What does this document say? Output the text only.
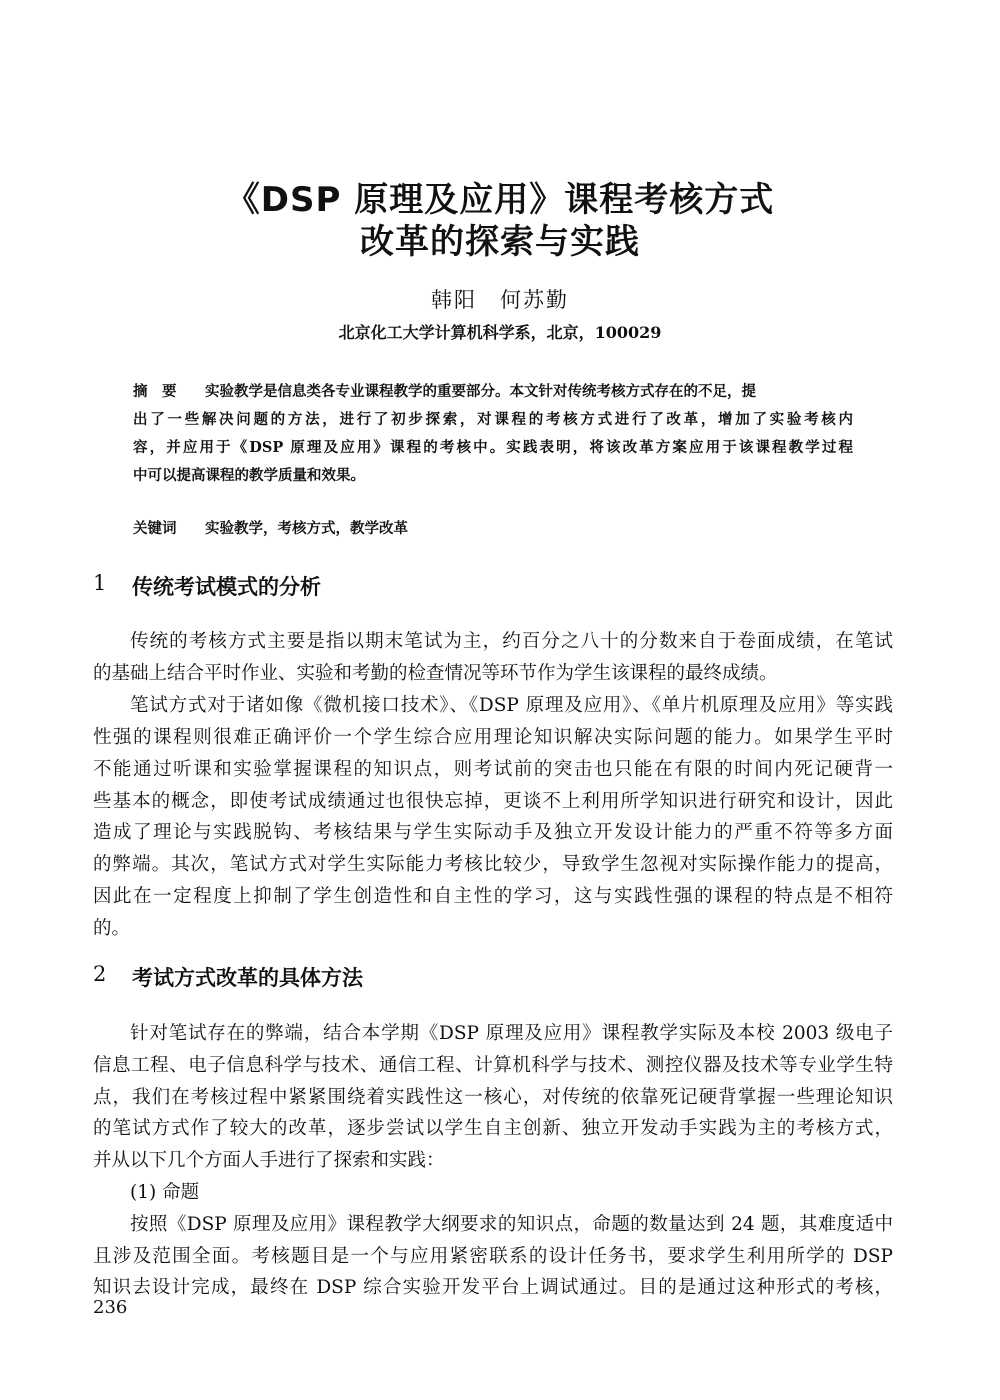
《DSP 原理及应用》课程考核方式
改革的探索与实践
韩阳　何苏勤
北京化工大学计算机科学系，北京，100029
摘　要 实验教学是信息类各专业课程教学的重要部分。本文针对传统考核方式存在的不足，提
出了一些解决问题的方法，进行了初步探索，对课程的考核方式进行了改革，增加了实验考核内
容，并应用于《DSP 原理及应用》课程的考核中。实践表明，将该改革方案应用于该课程教学过程
中可以提高课程的教学质量和效果。
关键词 实验教学，考核方式，教学改革
1 传统考试模式的分析
传统的考核方式主要是指以期末笔试为主，约百分之八十的分数来自于卷面成绩，在笔试
的基础上结合平时作业、实验和考勤的检查情况等环节作为学生该课程的最终成绩。
笔试方式对于诸如像《微机接口技术》、《DSP 原理及应用》、《单片机原理及应用》等实践
性强的课程则很难正确评价一个学生综合应用理论知识解决实际问题的能力。如果学生平时
不能通过听课和实验掌握课程的知识点，则考试前的突击也只能在有限的时间内死记硬背一
些基本的概念，即使考试成绩通过也很快忘掉，更谈不上利用所学知识进行研究和设计，因此
造成了理论与实践脱钩、考核结果与学生实际动手及独立开发设计能力的严重不符等多方面
的弊端。其次，笔试方式对学生实际能力考核比较少，导致学生忽视对实际操作能力的提高，
因此在一定程度上抑制了学生创造性和自主性的学习，这与实践性强的课程的特点是不相符
的。
2 考试方式改革的具体方法
针对笔试存在的弊端，结合本学期《DSP 原理及应用》课程教学实际及本校 2003 级电子
信息工程、电子信息科学与技术、通信工程、计算机科学与技术、测控仪器及技术等专业学生特
点，我们在考核过程中紧紧围绕着实践性这一核心，对传统的依靠死记硬背掌握一些理论知识
的笔试方式作了较大的改革，逐步尝试以学生自主创新、独立开发动手实践为主的考核方式，
并从以下几个方面人手进行了探索和实践：
(1) 命题
按照《DSP 原理及应用》课程教学大纲要求的知识点，命题的数量达到 24 题，其难度适中
且涉及范围全面。考核题目是一个与应用紧密联系的设计任务书，要求学生利用所学的 DSP
知识去设计完成，最终在 DSP 综合实验开发平台上调试通过。目的是通过这种形式的考核，
236
